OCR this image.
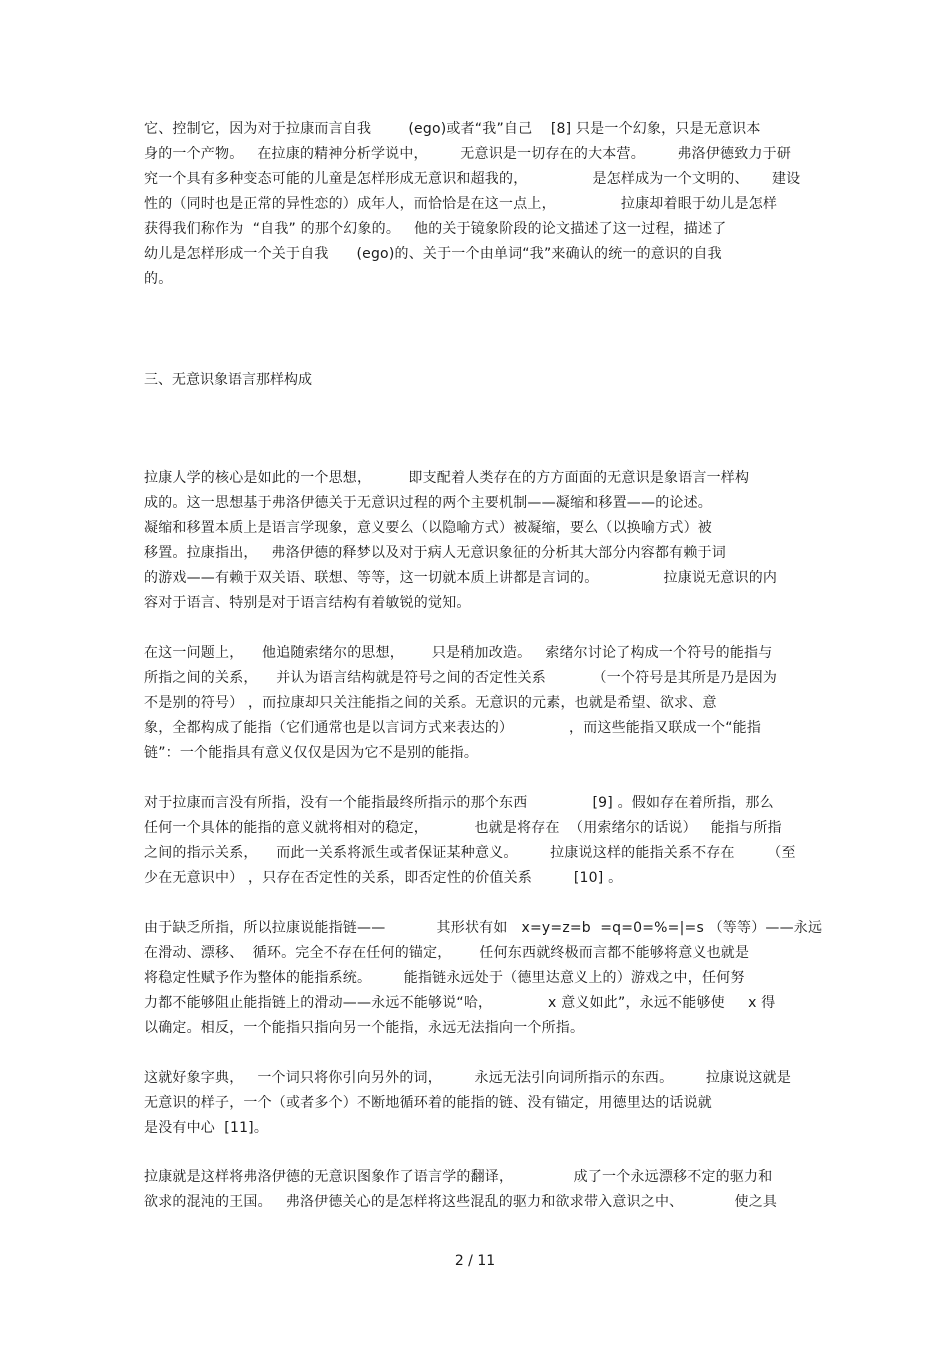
它、控制它，因为对于拉康而言自我        (ego)或者“我”自己    [8] 只是一个幻象，只是无意识本
身的一个产物。   在拉康的精神分析学说中，       无意识是一切存在的大本营。       弗洛伊德致力于研
究一个具有多种变态可能的儿童是怎样形成无意识和超我的，              是怎样成为一个文明的、     建设
性的（同时也是正常的异性恋的）成年人，而恰恰是在这一点上，              拉康却着眼于幼儿是怎样
获得我们称作为  “自我” 的那个幻象的。   他的关于镜象阶段的论文描述了这一过程，描述了
幼儿是怎样形成一个关于自我      (ego)的、关于一个由单词“我”来确认的统一的意识的自我
的。
三、无意识象语言那样构成
拉康人学的核心是如此的一个思想，        即支配着人类存在的方方面面的无意识是象语言一样构
成的。这一思想基于弗洛伊德关于无意识过程的两个主要机制——凝缩和移置——的论述。
凝缩和移置本质上是语言学现象，意义要么（以隐喻方式）被凝缩，要么（以换喻方式）被
移置。拉康指出，   弗洛伊德的释梦以及对于病人无意识象征的分析其大部分内容都有赖于词
的游戏——有赖于双关语、联想、等等，这一切就本质上讲都是言词的。              拉康说无意识的内
容对于语言、特别是对于语言结构有着敏锐的觉知。
在这一问题上，    他追随索绪尔的思想，      只是稍加改造。   索绪尔讨论了构成一个符号的能指与
所指之间的关系，    并认为语言结构就是符号之间的否定性关系          （一个符号是其所是乃是因为
不是别的符号） ，而拉康却只关注能指之间的关系。无意识的元素，也就是希望、欲求、意
象，全都构成了能指（它们通常也是以言词方式来表达的）            ，而这些能指又联成一个“能指
链”：一个能指具有意义仅仅是因为它不是别的能指。
对于拉康而言没有所指，没有一个能指最终所指示的那个东西              [9] 。假如存在着所指，那么
任何一个具体的能指的意义就将相对的稳定，          也就是将存在  （用索绪尔的话说）   能指与所指
之间的指示关系，    而此一关系将派生或者保证某种意义。       拉康说这样的能指关系不存在       （至
少在无意识中） ，只存在否定性的关系，即否定性的价值关系         [10] 。
由于缺乏所指，所以拉康说能指链——           其形状有如   x=y=z=b  =q=0=%=|=s （等等）——永远
在滑动、漂移、  循环。完全不存在任何的锚定，      任何东西就终极而言都不能够将意义也就是
将稳定性赋予作为整体的能指系统。       能指链永远处于（德里达意义上的）游戏之中，任何努
力都不能够阻止能指链上的滑动——永远不能够说“哈，            x 意义如此”，永远不能够使     x 得
以确定。相反，一个能指只指向另一个能指，永远无法指向一个所指。
这就好象字典，   一个词只将你引向另外的词，       永远无法引向词所指示的东西。       拉康说这就是
无意识的样子，一个（或者多个）不断地循环着的能指的链、没有锚定，用德里达的话说就
是没有中心  [11]。
拉康就是这样将弗洛伊德的无意识图象作了语言学的翻译，             成了一个永远漂移不定的驱力和
欲求的混沌的王国。   弗洛伊德关心的是怎样将这些混乱的驱力和欲求带入意识之中、           使之具
2 / 11
